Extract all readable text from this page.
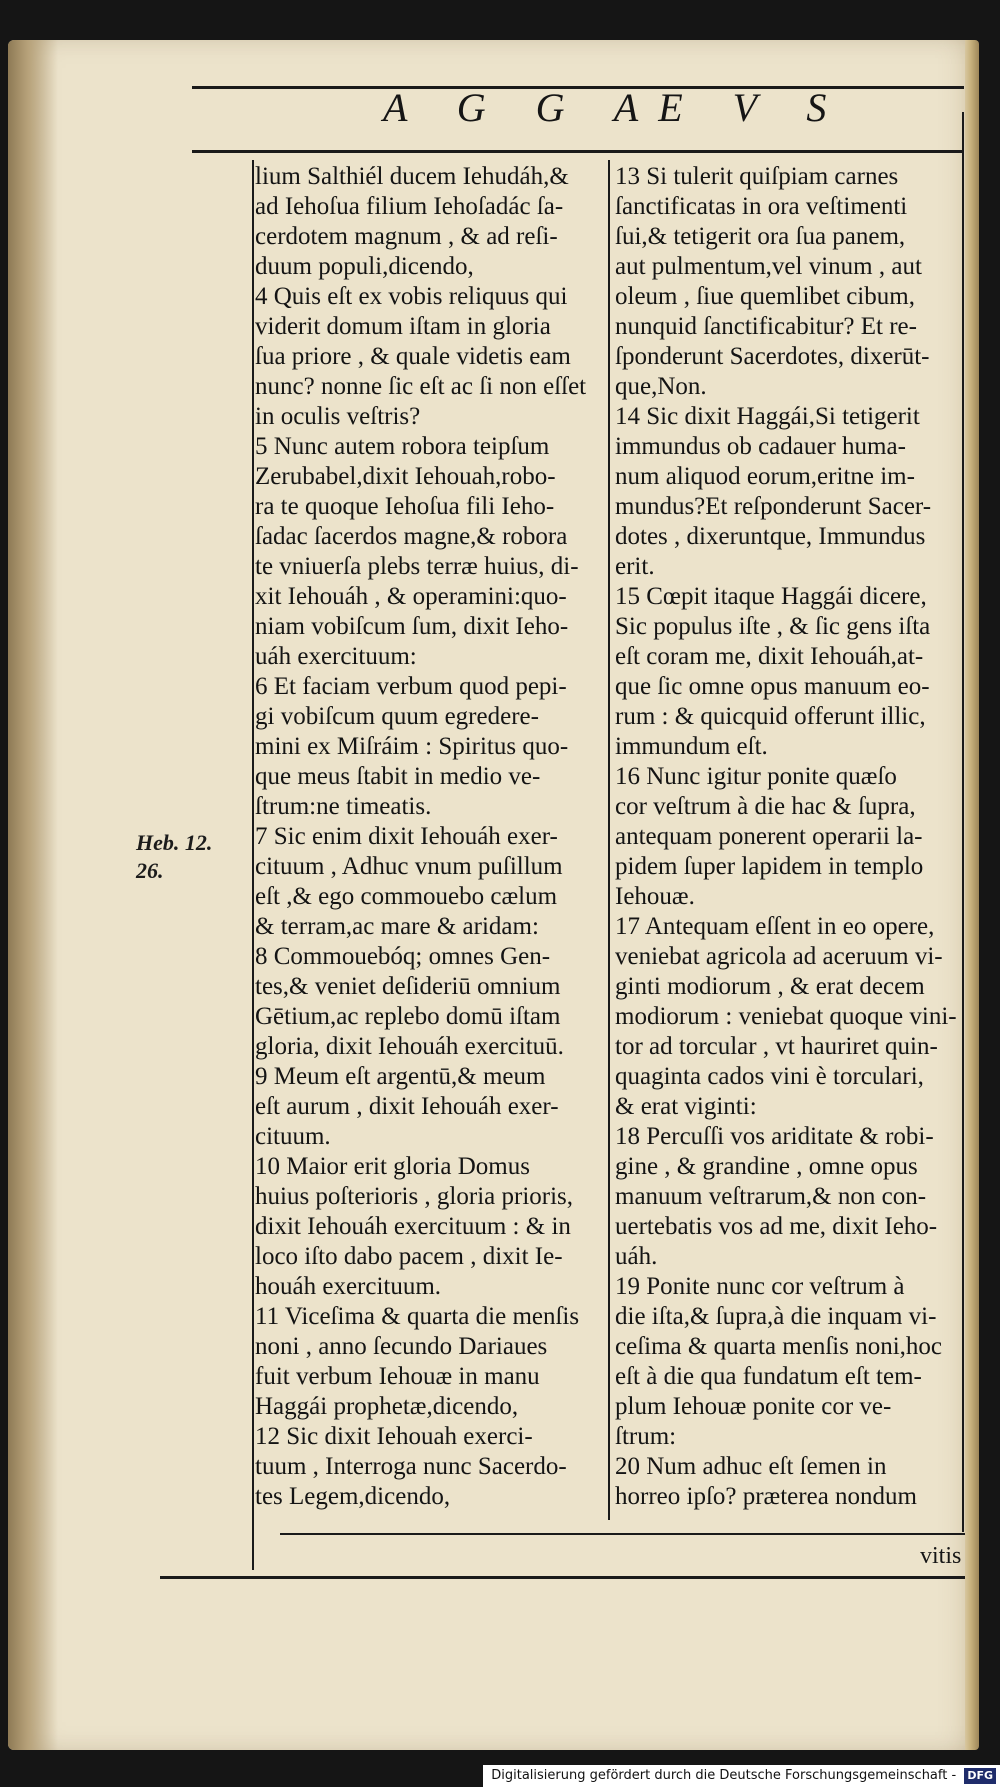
A G G AE V S
Heb. 12.
26.
lium Salthiél ducem Iehudáh,&
ad Iehoſua filium Iehoſadác ſa-
cerdotem magnum , & ad reſi-
duum populi,dicendo,
4 Quis eſt ex vobis reliquus qui
viderit domum iſtam in gloria
ſua priore , & quale videtis eam
nunc? nonne ſic eſt ac ſi non eſſet
in oculis veſtris?
5 Nunc autem robora teipſum
Zerubabel,dixit Iehouah,robo-
ra te quoque Iehoſua fili Ieho-
ſadac ſacerdos magne,& robora
te vniuerſa plebs terræ huius, di-
xit Iehouáh , & operamini:quo-
niam vobiſcum ſum, dixit Ieho-
uáh exercituum:
6 Et faciam verbum quod pepi-
gi vobiſcum quum egredere-
mini ex Miſráim : Spiritus quo-
que meus ſtabit in medio ve-
ſtrum:ne timeatis.
7 Sic enim dixit Iehouáh exer-
cituum , Adhuc vnum puſillum
eſt ,& ego commouebo cælum
& terram,ac mare & aridam:
8 Commouebóq; omnes Gen-
tes,& veniet deſideriū omnium
Gētium,ac replebo domū iſtam
gloria, dixit Iehouáh exercituū.
9 Meum eſt argentū,& meum
eſt aurum , dixit Iehouáh exer-
cituum.
10 Maior erit gloria Domus
huius poſterioris , gloria prioris,
dixit Iehouáh exercituum : & in
loco iſto dabo pacem , dixit Ie-
houáh exercituum.
11 Viceſima & quarta die menſis
noni , anno ſecundo Dariaues
fuit verbum Iehouæ in manu
Haggái prophetæ,dicendo,
12 Sic dixit Iehouah exerci-
tuum , Interroga nunc Sacerdo-
tes Legem,dicendo,
13 Si tulerit quiſpiam carnes
ſanctificatas in ora veſtimenti
ſui,& tetigerit ora ſua panem,
aut pulmentum,vel vinum , aut
oleum , ſiue quemlibet cibum,
nunquid ſanctificabitur? Et re-
ſponderunt Sacerdotes, dixerūt-
que,Non.
14 Sic dixit Haggái,Si tetigerit
immundus ob cadauer huma-
num aliquod eorum,eritne im-
mundus?Et reſponderunt Sacer-
dotes , dixeruntque, Immundus
erit.
15 Cœpit itaque Haggái dicere,
Sic populus iſte , & ſic gens iſta
eſt coram me, dixit Iehouáh,at-
que ſic omne opus manuum eo-
rum : & quicquid offerunt illic,
immundum eſt.
16 Nunc igitur ponite quæſo
cor veſtrum à die hac & ſupra,
antequam ponerent operarii la-
pidem ſuper lapidem in templo
Iehouæ.
17 Antequam eſſent in eo opere,
veniebat agricola ad aceruum vi-
ginti modiorum , & erat decem
modiorum : veniebat quoque vini-
tor ad torcular , vt hauriret quin-
quaginta cados vini è torculari,
& erat viginti:
18 Percuſſi vos ariditate & robi-
gine , & grandine , omne opus
manuum veſtrarum,& non con-
uertebatis vos ad me, dixit Ieho-
uáh.
19 Ponite nunc cor veſtrum à
die iſta,& ſupra,à die inquam vi-
ceſima & quarta menſis noni,hoc
eſt à die qua fundatum eſt tem-
plum Iehouæ ponite cor ve-
ſtrum:
20 Num adhuc eſt ſemen in
horreo ipſo? præterea nondum
vitis
Digitalisierung gefördert durch die Deutsche Forschungsgemeinschaft - DFG
